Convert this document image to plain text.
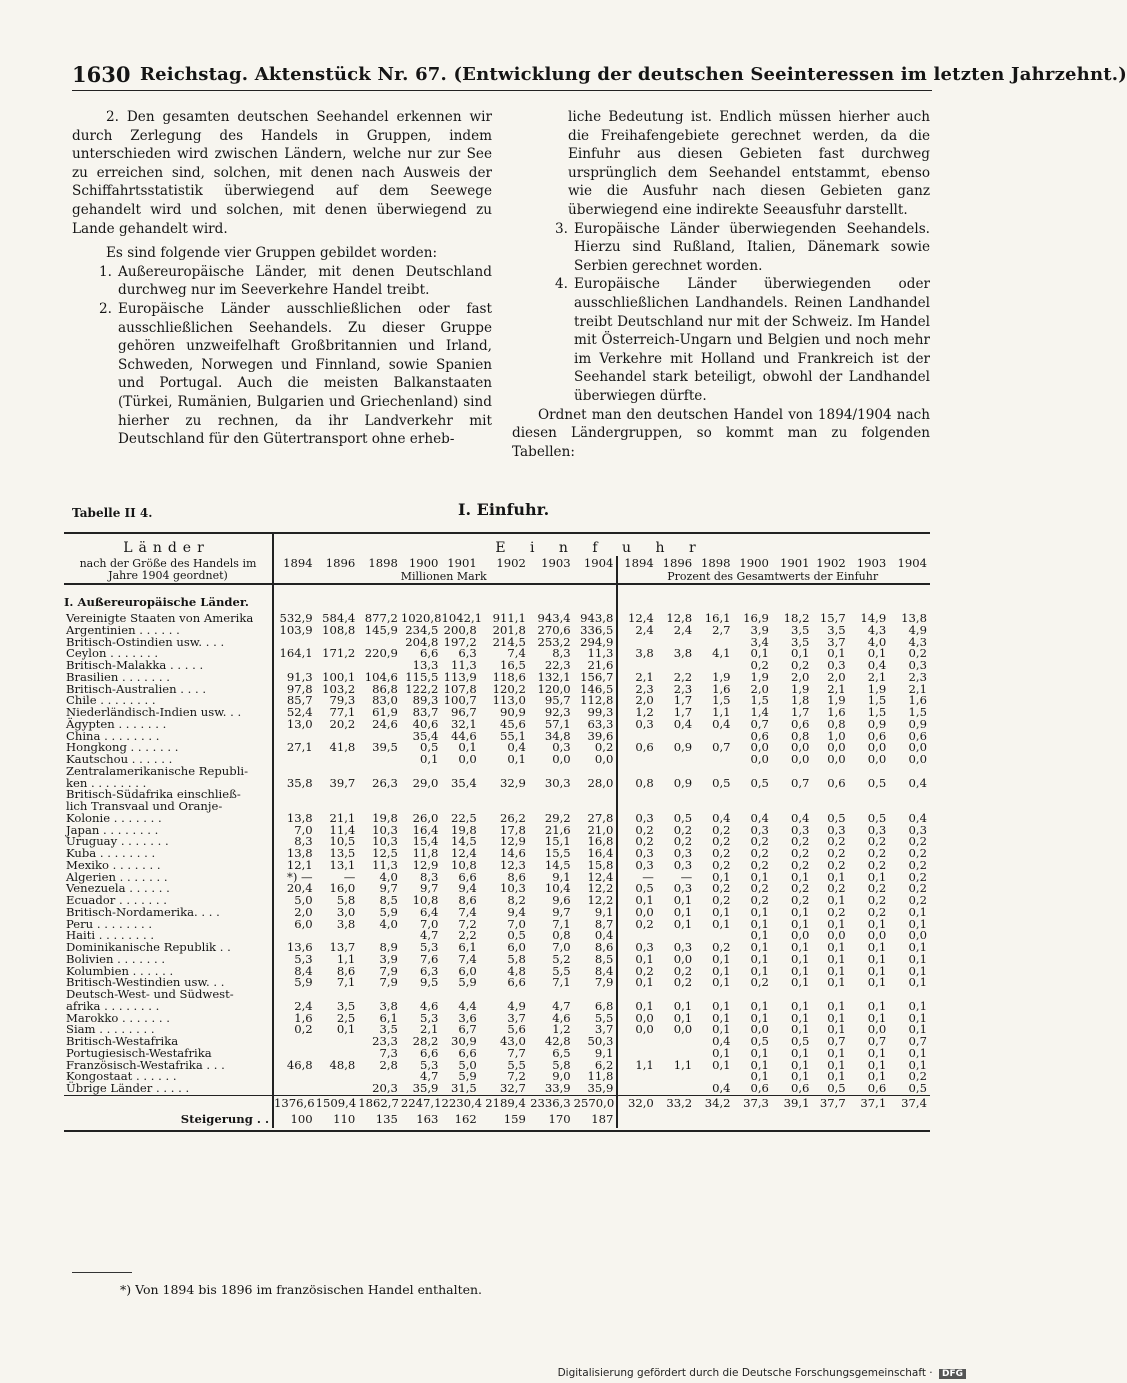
1630 Reichstag. Aktenstück Nr. 67. (Entwicklung der deutschen Seeinteressen im letzten Jahrzehnt.)

2. Den gesamten deutschen Seehandel erkennen wir durch Zerlegung des Handels in Gruppen, indem unterschieden wird zwischen Ländern, welche nur zur See zu erreichen sind, solchen, mit denen nach Ausweis der Schiffahrtsstatistik überwiegend auf dem Seewege gehandelt wird und solchen, mit denen überwiegend zu Lande gehandelt wird.

Es sind folgende vier Gruppen gebildet worden:

1. Außereuropäische Länder, mit denen Deutschland durchweg nur im Seeverkehre Handel treibt.
2. Europäische Länder ausschließlichen oder fast ausschließlichen Seehandels. Zu dieser Gruppe gehören unzweifelhaft Großbritannien und Irland, Schweden, Norwegen und Finnland, sowie Spanien und Portugal. Auch die meisten Balkanstaaten (Türkei, Rumänien, Bulgarien und Griechenland) sind hierher zu rechnen, da ihr Landverkehr mit Deutschland für den Gütertransport ohne erheb-

liche Bedeutung ist. Endlich müssen hierher auch die Freihafengebiete gerechnet werden, da die Einfuhr aus diesen Gebieten fast durchweg ursprünglich dem Seehandel entstammt, ebenso wie die Ausfuhr nach diesen Gebieten ganz überwiegend eine indirekte Seeausfuhr darstellt.

3. Europäische Länder überwiegenden Seehandels. Hierzu sind Rußland, Italien, Dänemark sowie Serbien gerechnet worden.
4. Europäische Länder überwiegenden oder ausschließlichen Landhandels. Reinen Landhandel treibt Deutschland nur mit der Schweiz. Im Handel mit Österreich-Ungarn und Belgien und noch mehr im Verkehre mit Holland und Frankreich ist der Seehandel stark beteiligt, obwohl der Landhandel überwiegen dürfte.

Ordnet man den deutschen Handel von 1894/1904 nach diesen Ländergruppen, so kommt man zu folgenden Tabellen:

Tabelle II 4.	I. Einfuhr.
Länder	E i n f u h r															
nach der Größe des Handels im Jahre 1904 geordnet)	1894	1896	1898	1900	1901	1902	1903	1904	1894	1896	1898	1900	1901	1902	1903	1904
	Millionen Mark								Prozent des Gesamtwerts der Einfuhr							
I. Außereuropäische Länder.																
Vereinigte Staaten von Amerika	532,9	584,4	877,2	1020,8	1042,1	911,1	943,4	943,8	12,4	12,8	16,1	16,9	18,2	15,7	14,9	13,8
Argentinien . . . . . .	103,9	108,8	145,9	234,5	200,8	201,8	270,6	336,5	2,4	2,4	2,7	3,9	3,5	3,5	4,3	4,9
Britisch-Ostindien usw. . . .				204,8	197,2	214,5	253,2	294,9				3,4	3,5	3,7	4,0	4,3
Ceylon . . . . . . .	164,1	171,2	220,9	6,6	6,3	7,4	8,3	11,3	3,8	3,8	4,1	0,1	0,1	0,1	0,1	0,2
Britisch-Malakka . . . . .				13,3	11,3	16,5	22,3	21,6				0,2	0,2	0,3	0,4	0,3
Brasilien . . . . . . .	91,3	100,1	104,6	115,5	113,9	118,6	132,1	156,7	2,1	2,2	1,9	1,9	2,0	2,0	2,1	2,3
Britisch-Australien . . . .	97,8	103,2	86,8	122,2	107,8	120,2	120,0	146,5	2,3	2,3	1,6	2,0	1,9	2,1	1,9	2,1
Chile . . . . . . . .	85,7	79,3	83,0	89,3	100,7	113,0	95,7	112,8	2,0	1,7	1,5	1,5	1,8	1,9	1,5	1,6
Niederländisch-Indien usw. . .	52,4	77,1	61,9	83,7	96,7	90,9	92,3	99,3	1,2	1,7	1,1	1,4	1,7	1,6	1,5	1,5
Ägypten . . . . . . .	13,0	20,2	24,6	40,6	32,1	45,6	57,1	63,3	0,3	0,4	0,4	0,7	0,6	0,8	0,9	0,9
China . . . . . . . .				35,4	44,6	55,1	34,8	39,6				0,6	0,8	1,0	0,6	0,6
Hongkong . . . . . . .	27,1	41,8	39,5	0,5	0,1	0,4	0,3	0,2	0,6	0,9	0,7	0,0	0,0	0,0	0,0	0,0
Kautschou . . . . . .				0,1	0,0	0,1	0,0	0,0				0,0	0,0	0,0	0,0	0,0
Zentralamerikanische Republi-																
ken . . . . . . . .	35,8	39,7	26,3	29,0	35,4	32,9	30,3	28,0	0,8	0,9	0,5	0,5	0,7	0,6	0,5	0,4
Britisch-Südafrika einschließ-																
lich Transvaal und Oranje-																
Kolonie . . . . . . .	13,8	21,1	19,8	26,0	22,5	26,2	29,2	27,8	0,3	0,5	0,4	0,4	0,4	0,5	0,5	0,4
Japan . . . . . . . .	7,0	11,4	10,3	16,4	19,8	17,8	21,6	21,0	0,2	0,2	0,2	0,3	0,3	0,3	0,3	0,3
Uruguay . . . . . . .	8,3	10,5	10,3	15,4	14,5	12,9	15,1	16,8	0,2	0,2	0,2	0,2	0,2	0,2	0,2	0,2
Kuba . . . . . . . .	13,8	13,5	12,5	11,8	12,4	14,6	15,5	16,4	0,3	0,3	0,2	0,2	0,2	0,2	0,2	0,2
Mexiko . . . . . . .	12,1	13,1	11,3	12,9	10,8	12,3	14,5	15,8	0,3	0,3	0,2	0,2	0,2	0,2	0,2	0,2
Algerien . . . . . . .	*) —	—	4,0	8,3	6,6	8,6	9,1	12,4	—	—	0,1	0,1	0,1	0,1	0,1	0,2
Venezuela . . . . . .	20,4	16,0	9,7	9,7	9,4	10,3	10,4	12,2	0,5	0,3	0,2	0,2	0,2	0,2	0,2	0,2
Ecuador . . . . . . .	5,0	5,8	8,5	10,8	8,6	8,2	9,6	12,2	0,1	0,1	0,2	0,2	0,2	0,1	0,2	0,2
Britisch-Nordamerika. . . .	2,0	3,0	5,9	6,4	7,4	9,4	9,7	9,1	0,0	0,1	0,1	0,1	0,1	0,2	0,2	0,1
Peru . . . . . . . .	6,0	3,8	4,0	7,0	7,2	7,0	7,1	8,7	0,2	0,1	0,1	0,1	0,1	0,1	0,1	0,1
Haiti . . . . . . . .				4,7	2,2	0,5	0,8	0,4				0,1	0,0	0,0	0,0	0,0
Dominikanische Republik . .	13,6	13,7	8,9	5,3	6,1	6,0	7,0	8,6	0,3	0,3	0,2	0,1	0,1	0,1	0,1	0,1
Bolivien . . . . . . .	5,3	1,1	3,9	7,6	7,4	5,8	5,2	8,5	0,1	0,0	0,1	0,1	0,1	0,1	0,1	0,1
Kolumbien . . . . . .	8,4	8,6	7,9	6,3	6,0	4,8	5,5	8,4	0,2	0,2	0,1	0,1	0,1	0,1	0,1	0,1
Britisch-Westindien usw. . .	5,9	7,1	7,9	9,5	5,9	6,6	7,1	7,9	0,1	0,2	0,1	0,2	0,1	0,1	0,1	0,1
Deutsch-West- und Südwest-																
afrika . . . . . . . .	2,4	3,5	3,8	4,6	4,4	4,9	4,7	6,8	0,1	0,1	0,1	0,1	0,1	0,1	0,1	0,1
Marokko . . . . . . .	1,6	2,5	6,1	5,3	3,6	3,7	4,6	5,5	0,0	0,1	0,1	0,1	0,1	0,1	0,1	0,1
Siam . . . . . . . .	0,2	0,1	3,5	2,1	6,7	5,6	1,2	3,7	0,0	0,0	0,1	0,0	0,1	0,1	0,0	0,1
Britisch-Westafrika			23,3	28,2	30,9	43,0	42,8	50,3			0,4	0,5	0,5	0,7	0,7	0,7
Portugiesisch-Westafrika			7,3	6,6	6,6	7,7	6,5	9,1			0,1	0,1	0,1	0,1	0,1	0,1
Französisch-Westafrika . . .	46,8	48,8	2,8	5,3	5,0	5,5	5,8	6,2	1,1	1,1	0,1	0,1	0,1	0,1	0,1	0,1
Kongostaat . . . . . .				4,7	5,9	7,2	9,0	11,8				0,1	0,1	0,1	0,1	0,2
Übrige Länder . . . . .			20,3	35,9	31,5	32,7	33,9	35,9			0,4	0,6	0,6	0,5	0,6	0,5
	1376,6	1509,4	1862,7	2247,1	2230,4	2189,4	2336,3	2570,0	32,0	33,2	34,2	37,3	39,1	37,7	37,1	37,4
Steigerung . .	100	110	135	163	162	159	170	187								

*) Von 1894 bis 1896 im französischen Handel enthalten.
Digitalisierung gefördert durch die Deutsche Forschungsgemeinschaft · DFG
